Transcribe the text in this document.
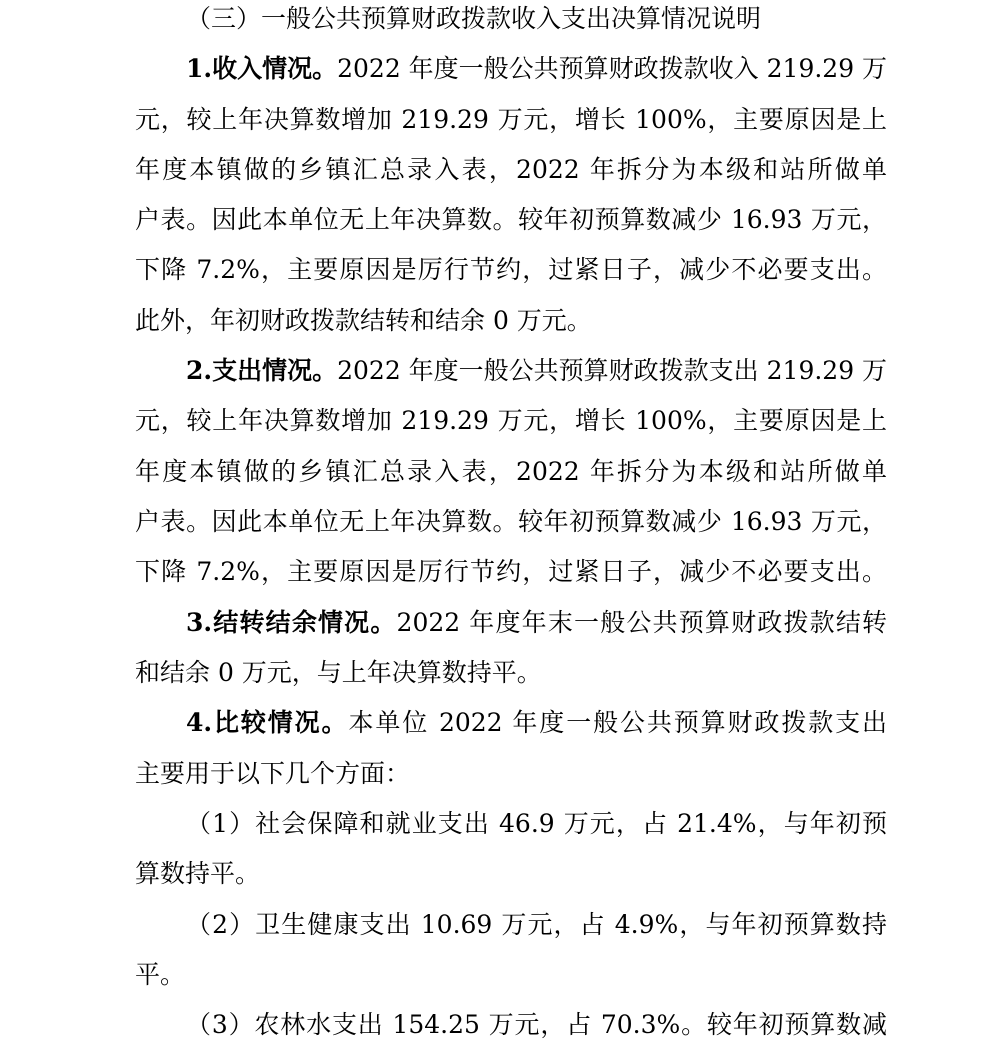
（三）一般公共预算财政拨款收入支出决算情况说明
1.收入情况。2022 年度一般公共预算财政拨款收入 219.29 万
元，较上年决算数增加 219.29 万元，增长 100%，主要原因是上
年度本镇做的乡镇汇总录入表，2022 年拆分为本级和站所做单
户表。因此本单位无上年决算数。较年初预算数减少 16.93 万元，
下降 7.2%，主要原因是厉行节约，过紧日子，减少不必要支出。
此外，年初财政拨款结转和结余 0 万元。
2.支出情况。2022 年度一般公共预算财政拨款支出 219.29 万
元，较上年决算数增加 219.29 万元，增长 100%，主要原因是上
年度本镇做的乡镇汇总录入表，2022 年拆分为本级和站所做单
户表。因此本单位无上年决算数。较年初预算数减少 16.93 万元，
下降 7.2%，主要原因是厉行节约，过紧日子，减少不必要支出。
3.结转结余情况。2022 年度年末一般公共预算财政拨款结转
和结余 0 万元，与上年决算数持平。
4.比较情况。本单位 2022 年度一般公共预算财政拨款支出
主要用于以下几个方面：
（1）社会保障和就业支出 46.9 万元，占 21.4%，与年初预
算数持平。
（2）卫生健康支出 10.69 万元，占 4.9%，与年初预算数持
平。
（3）农林水支出 154.25 万元，占 70.3%。较年初预算数减
